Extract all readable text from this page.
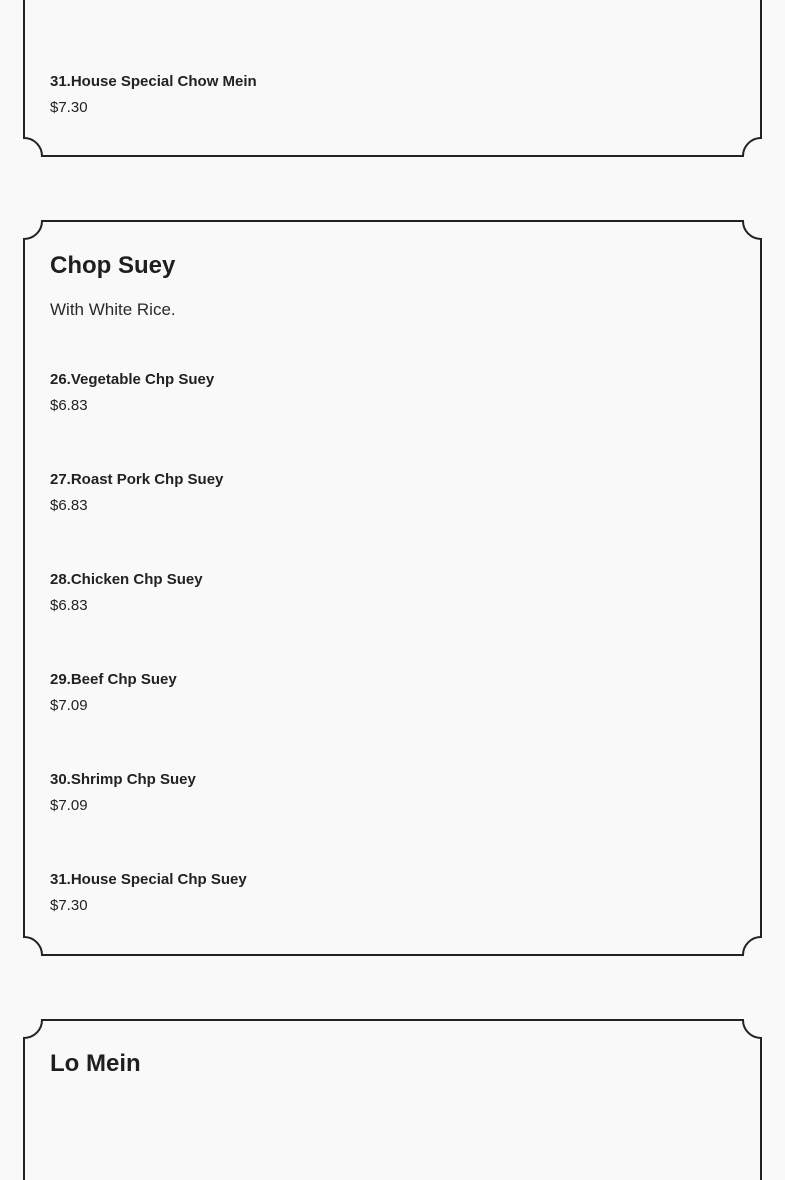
31.House Special Chow Mein
$7.30
Chop Suey
With White Rice.
26.Vegetable Chp Suey
$6.83
27.Roast Pork Chp Suey
$6.83
28.Chicken Chp Suey
$6.83
29.Beef Chp Suey
$7.09
30.Shrimp Chp Suey
$7.09
31.House Special Chp Suey
$7.30
Lo Mein
